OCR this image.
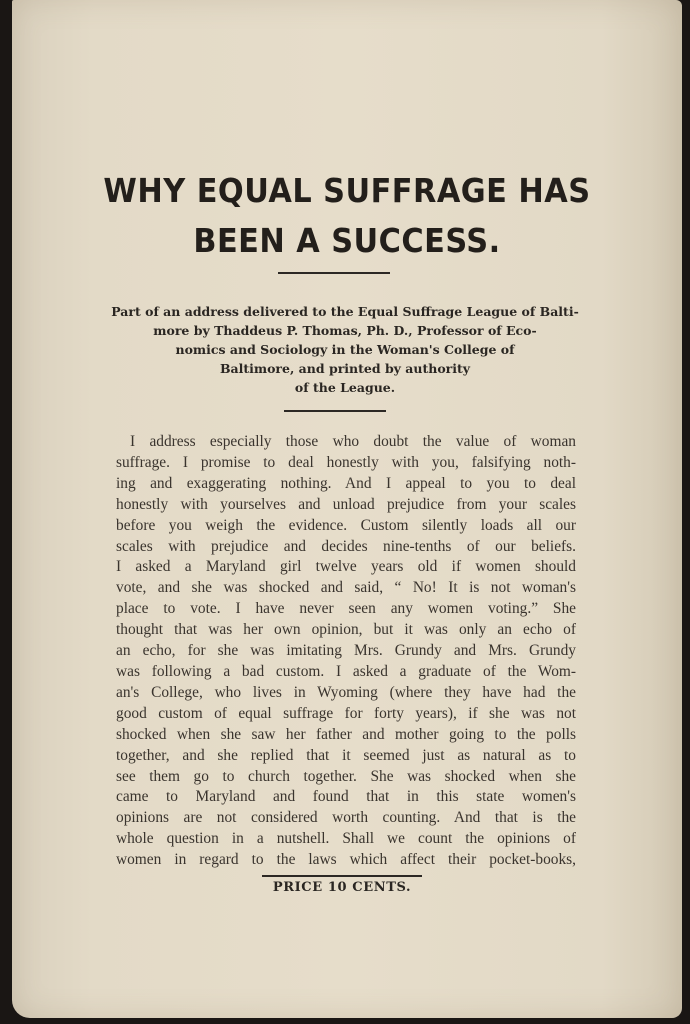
WHY EQUAL SUFFRAGE HAS
BEEN A SUCCESS.
Part of an address delivered to the Equal Suffrage League of Balti-
more by Thaddeus P. Thomas, Ph. D., Professor of Eco-
nomics and Sociology in the Woman's College of
Baltimore, and printed by authority
of the League.
I address especially those who doubt the value of woman
suffrage. I promise to deal honestly with you, falsifying noth-
ing and exaggerating nothing. And I appeal to you to deal
honestly with yourselves and unload prejudice from your scales
before you weigh the evidence. Custom silently loads all our
scales with prejudice and decides nine-tenths of our beliefs.
I asked a Maryland girl twelve years old if women should
vote, and she was shocked and said, “ No! It is not woman's
place to vote. I have never seen any women voting.” She
thought that was her own opinion, but it was only an echo of
an echo, for she was imitating Mrs. Grundy and Mrs. Grundy
was following a bad custom. I asked a graduate of the Wom-
an's College, who lives in Wyoming (where they have had the
good custom of equal suffrage for forty years), if she was not
shocked when she saw her father and mother going to the polls
together, and she replied that it seemed just as natural as to
see them go to church together. She was shocked when she
came to Maryland and found that in this state women's
opinions are not considered worth counting. And that is the
whole question in a nutshell. Shall we count the opinions of
women in regard to the laws which affect their pocket-books,
PRICE 10 CENTS.
